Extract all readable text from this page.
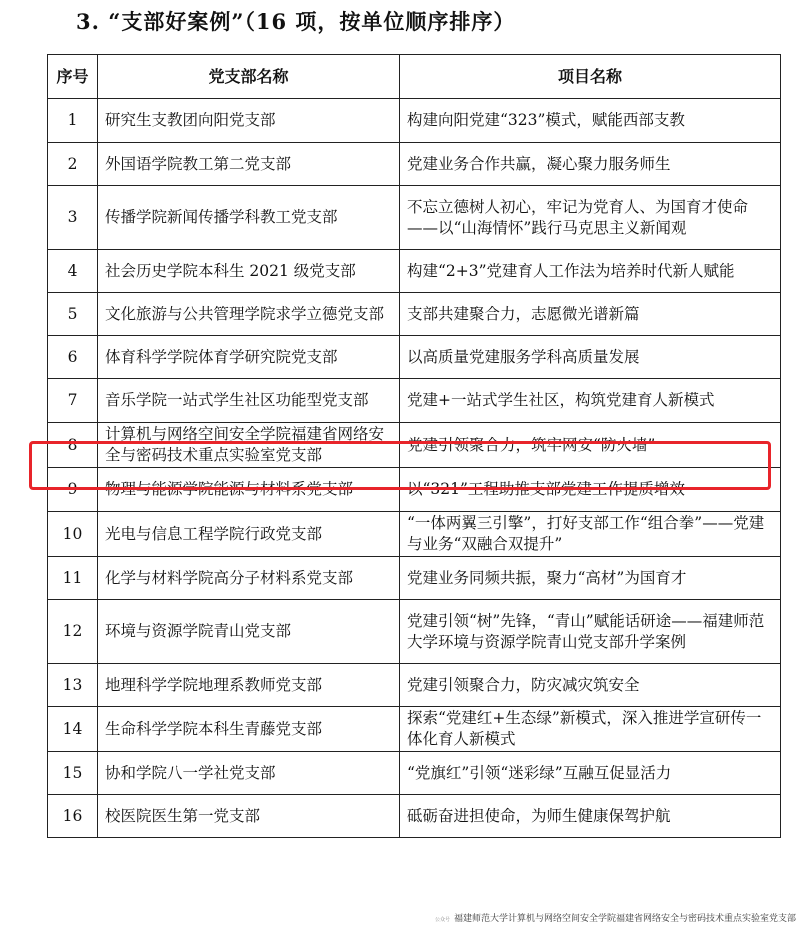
3. “支部好案例”（16 项，按单位顺序排序）
序号	党支部名称	项目名称
1	研究生支教团向阳党支部	构建向阳党建“323”模式，赋能西部支教
2	外国语学院教工第二党支部	党建业务合作共赢，凝心聚力服务师生
3	传播学院新闻传播学科教工党支部	不忘立德树人初心，牢记为党育人、为国育才使命——以“山海情怀”践行马克思主义新闻观
4	社会历史学院本科生 2021 级党支部	构建“2+3”党建育人工作法为培养时代新人赋能
5	文化旅游与公共管理学院求学立德党支部	支部共建聚合力，志愿微光谱新篇
6	体育科学学院体育学研究院党支部	以高质量党建服务学科高质量发展
7	音乐学院一站式学生社区功能型党支部	党建+一站式学生社区，构筑党建育人新模式
8	计算机与网络空间安全学院福建省网络安全与密码技术重点实验室党支部	党建引领聚合力，筑牢网安“防火墙”
9	物理与能源学院能源与材料系党支部	以“321”工程助推支部党建工作提质增效
10	光电与信息工程学院行政党支部	“一体两翼三引擎”，打好支部工作“组合拳”——党建与业务“双融合双提升”
11	化学与材料学院高分子材料系党支部	党建业务同频共振，聚力“高材”为国育才
12	环境与资源学院青山党支部	党建引领“树”先锋，“青山”赋能话研途——福建师范大学环境与资源学院青山党支部升学案例
13	地理科学学院地理系教师党支部	党建引领聚合力，防灾减灾筑安全
14	生命科学学院本科生青藤党支部	探索“党建红+生态绿”新模式，深入推进学宣研传一体化育人新模式
15	协和学院八一学社党支部	“党旗红”引领“迷彩绿”互融互促显活力
16	校医院医生第一党支部	砥砺奋进担使命，为师生健康保驾护航
公众号 福建师范大学计算机与网络空间安全学院福建省网络安全与密码技术重点实验室党支部
